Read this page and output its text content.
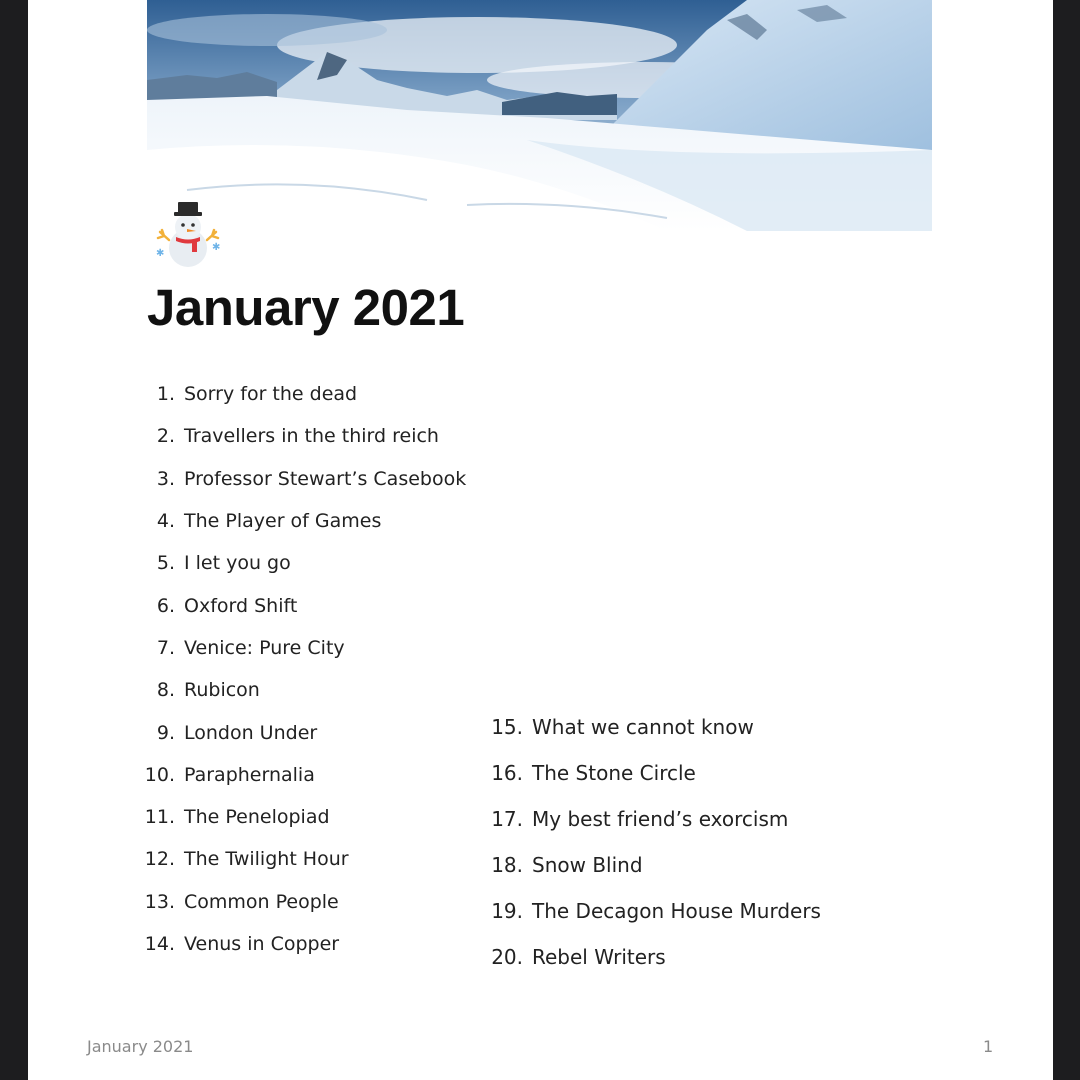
✱
✱
January 2021
1. Sorry for the dead
2. Travellers in the third reich
3. Professor Stewart’s Casebook
4. The Player of Games
5. I let you go
6. Oxford Shift
7. Venice: Pure City
8. Rubicon
9. London Under
10. Paraphernalia
11. The Penelopiad
12. The Twilight Hour
13. Common People
14. Venus in Copper
15. What we cannot know
16. The Stone Circle
17. My best friend’s exorcism
18. Snow Blind
19. The Decagon House Murders
20. Rebel Writers
January 2021	1
